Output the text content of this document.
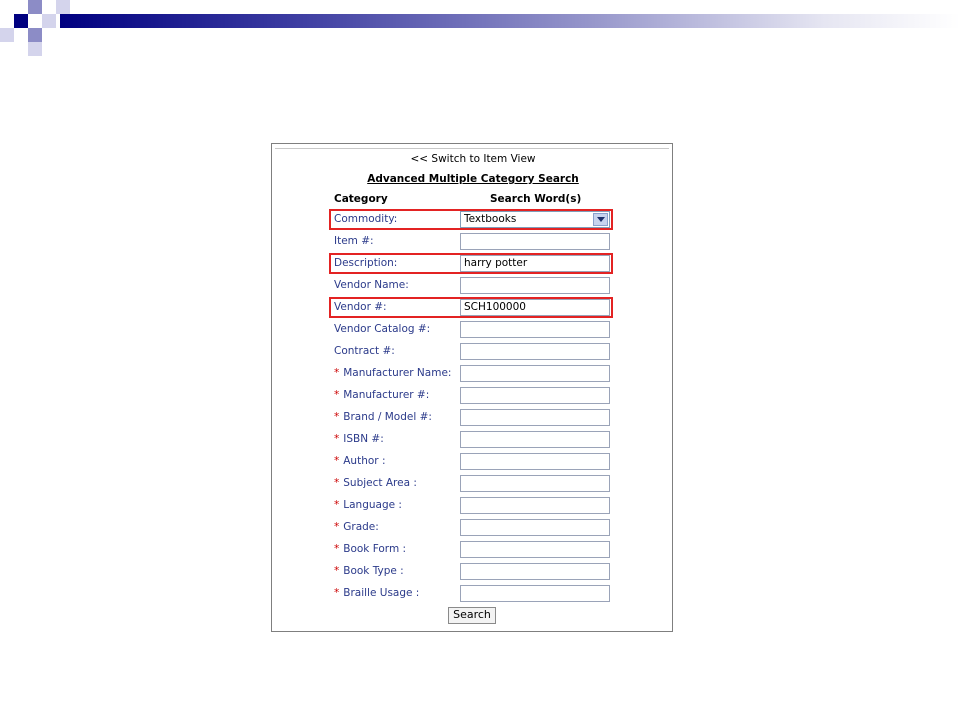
<< Switch to Item View
Advanced Multiple Category Search
Category	Search Word(s)
Commodity:	Textbooks
Item #:
Description:	harry potter
Vendor Name:
Vendor #:	SCH100000
Vendor Catalog #:
Contract #:
* Manufacturer Name:
* Manufacturer #:
* Brand / Model #:
* ISBN #:
* Author :
* Subject Area :
* Language :
* Grade:
* Book Form :
* Book Type :
* Braille Usage :
Search
